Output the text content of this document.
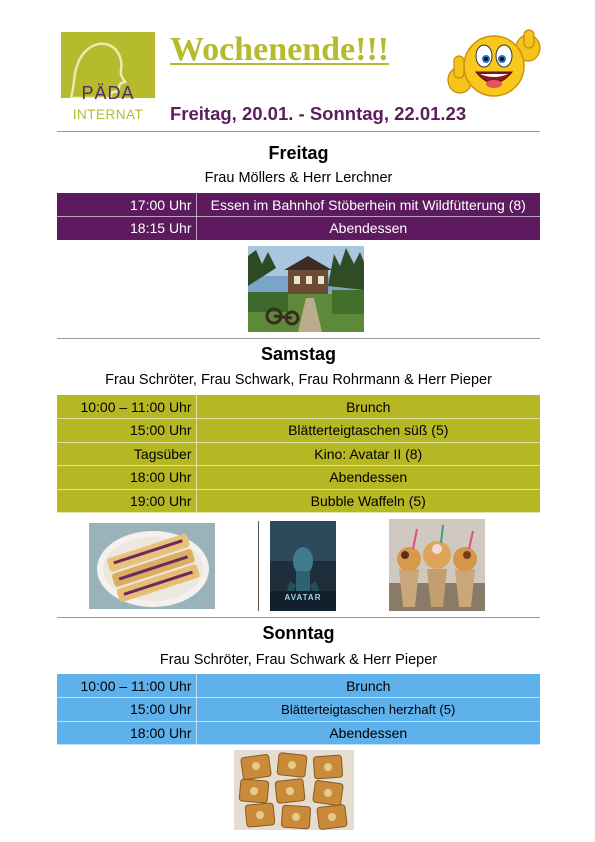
PÄDA
INTERNAT
Wochenende!!!
Freitag, 20.01. - Sonntag, 22.01.23
Freitag
Frau Möllers & Herr Lerchner
17:00 Uhr	Essen im Bahnhof Stöberhein mit Wildfütterung (8)
18:15 Uhr	Abendessen
Samstag
Frau Schröter, Frau Schwark, Frau Rohrmann & Herr Pieper
10:00 – 11:00 Uhr	Brunch
15:00 Uhr	Blätterteigtaschen süß (5)
Tagsüber	Kino: Avatar II (8)
18:00 Uhr	Abendessen
19:00 Uhr	Bubble Waffeln (5)
AVATAR
Sonntag
Frau Schröter, Frau Schwark & Herr Pieper
10:00 – 11:00 Uhr	Brunch
15:00 Uhr	Blätterteigtaschen herzhaft (5)
18:00 Uhr	Abendessen
